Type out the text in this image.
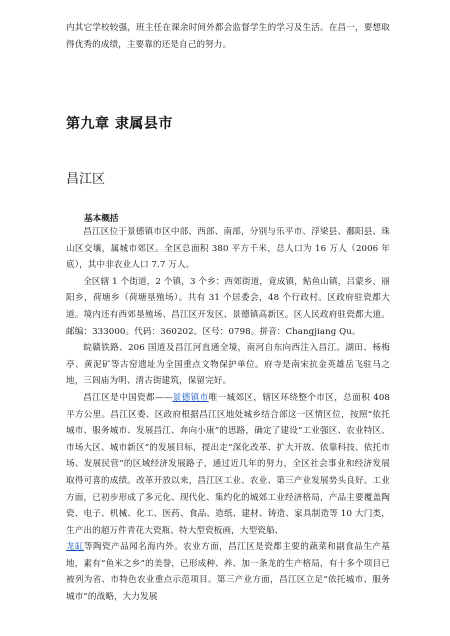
内其它学校较强，班主任在课余时间外都会监督学生的学习及生活。在昌一，要想取得优秀的成绩，主要靠的还是自己的努力。
第九章 隶属县市
昌江区
基本概括

昌江区位于景德镇市区中部、西部、南部，分别与乐平市、浮梁县、鄱阳县、珠山区交壤，属城市郊区。全区总面积 380 平方千米，总人口为 16 万人（2006 年底），其中非农业人口 7.7 万人。

全区辖 1 个街道，2 个镇，3 个乡：西郊街道，竟成镇，鲇鱼山镇，吕蒙乡，丽阳乡，荷塘乡（荷塘垦殖场）。共有 31 个居委会，48 个行政村。区政府驻瓷都大道。境内还有西郊垦殖场、昌江区开发区、景德镇高新区。区人民政府驻瓷都大道。邮编：333000。代码：360202。区号：0798。拼音：Changjiang Qu。

皖赣铁路、206 国道及昌江河直通全境，南河自东向西注入昌江。湖田、杨梅亭、黄泥矿等古窑遗址为全国重点文物保护单位。府寺是南宋抗金英雄岳飞驻马之地，三闾庙为明、清古街建筑，保留完好。

昌江区是中国瓷都——景德镇市唯一城郊区，辖区环绕整个市区，总面积 408 平方公里。昌江区委、区政府根据昌江区地处城乡结合部这一区情区位，按照“依托城市、服务城市、发展昌江、奔向小康”的思路，确定了建设“工业强区、农业特区、市场大区、城市新区”的发展目标，提出走“深化改革、扩大开放、依靠科技、依托市场、发展民营”的区域经济发展路子，通过近几年的努力，全区社会事业和经济发展取得可喜的成绩。改革开放以来，昌江区工业、农业、第三产业发展势头良好。工业方面，已初步形成了多元化、现代化、集约化的城郊工业经济格局，产品主要覆盖陶瓷、电子、机械、化工、医药、食品、造纸、建材、铸造、家具制造等 10 大门类，生产出的超万件青花大瓷瓶、特大型瓷板画，大型瓷船、

龙缸等陶瓷产品闻名海内外。农业方面，昌江区是瓷都主要的蔬菜和副食品生产基地，素有“鱼米之乡”的美誉，已形成种、养、加一条龙的生产格局，有十多个项目已被列为省、市特色农业重点示范项目。第三产业方面，昌江区立足“依托城市、服务城市”的战略，大力发展
